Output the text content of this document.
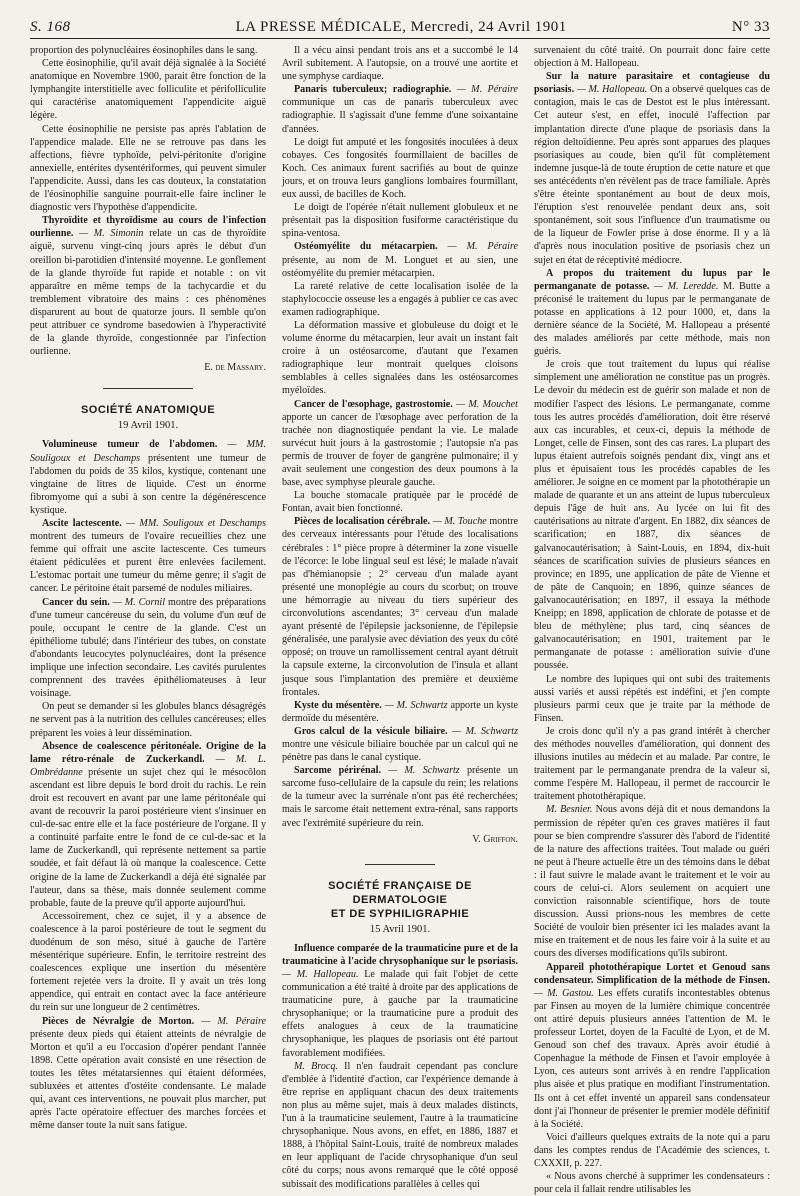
S. 168	LA PRESSE MÉDICALE, Mercredi, 24 Avril 1901	N° 33

proportion des polynucléaires éosinophiles dans le sang.

Cette éosinophilie, qu'il avait déjà signalée à la Société anatomique en Novembre 1900, parait être fonction de la lymphangite interstitielle avec folliculite et périfolliculite qui caractérise anatomiquement l'appendicite aiguë légère.

Cette éosinophilie ne persiste pas après l'ablation de l'appendice malade. Elle ne se retrouve pas dans les affections, fièvre typhoïde, pelvi-péritonite d'origine annexielle, entérites dysentériformes, qui peuvent simuler l'appendicite. Aussi, dans les cas douteux, la constatation de l'éosinophilie sanguine pourrait-elle faire incliner le diagnostic vers l'hypothèse d'appendicite.

Thyroïdite et thyroïdisme au cours de l'infection ourlienne. — M. Simonin relate un cas de thyroïdite aiguë, survenu vingt-cinq jours après le début d'un oreillon bi-parotidien d'intensité moyenne. Le gonflement de la glande thyroïde fut rapide et notable : on vit apparaître en même temps de la tachycardie et du tremblement vibratoire des mains : ces phénomènes disparurent au bout de quatorze jours. Il semble qu'on peut attribuer ce syndrome basedowien à l'hyperactivité de la glande thyroïde, congestionnée par l'infection ourlienne.

E. de Massary.

SOCIÉTÉ ANATOMIQUE
19 Avril 1901.

Volumineuse tumeur de l'abdomen. — MM. Souligoux et Deschamps présentent une tumeur de l'abdomen du poids de 35 kilos, kystique, contenant une vingtaine de litres de liquide. C'est un énorme fibromyome qui a subi à son centre la dégénérescence kystique.

Ascite lactescente. — MM. Souligoux et Deschamps montrent des tumeurs de l'ovaire recueillies chez une femme qui offrait une ascite lactescente. Ces tumeurs étaient pédiculées et purent être enlevées facilement. L'estomac portait une tumeur du même genre; il s'agit de cancer. Le péritoine était parsemé de nodules miliaires.

Cancer du sein. — M. Cornil montre des préparations d'une tumeur cancéreuse du sein, du volume d'un œuf de poule, occupant le centre de la glande. C'est un épithéliome tubulé; dans l'intérieur des tubes, on constate d'abondants leucocytes polynucléaires, dont la présence implique une infection secondaire. Les cavités purulentes comprennent des travées épithéliomateuses à leur voisinage.

On peut se demander si les globules blancs désagrégés ne servent pas à la nutrition des cellules cancéreuses; elles préparent les voies à leur dissémination.

Absence de coalescence péritonéale. Origine de la lame rétro-rénale de Zuckerkandl. — M. L. Ombrédanne présente un sujet chez qui le mésocôlon ascendant est libre depuis le bord droit du rachis. Le rein droit est recouvert en avant par une lame péritonéale qui avant de recouvrir la paroi postérieure vient s'insinuer en cul-de-sac entre elle et la face postérieure de l'organe. Il y a continuité parfaite entre le fond de ce cul-de-sac et la lame de Zuckerkandl, qui représente nettement sa partie soudée, et fait défaut là où manque la coalescence. Cette origine de la lame de Zuckerkandl a déjà été signalée par l'auteur, dans sa thèse, mais donnée seulement comme probable, faute de la preuve qu'il apporte aujourd'hui.

Accessoirement, chez ce sujet, il y a absence de coalescence à la paroi postérieure de tout le segment du duodénum de son méso, situé à gauche de l'artère mésentérique supérieure. Enfin, le territoire restreint des coalescences explique une insertion du mésentère fortement rejetée vers la droite. Il y avait un très long appendice, qui entrait en contact avec la face antérieure du rein sur une longueur de 2 centimètres.

Pièces de Névralgie de Morton. — M. Péraire présente deux pieds qui étaient atteints de névralgie de Morton et qu'il a eu l'occasion d'opérer pendant l'année 1898. Cette opération avait consisté en une résection de toutes les têtes métatarsiennes qui étaient déformées, subluxées et attentes d'ostéite condensante. Le malade qui, avant ces interventions, ne pouvait plus marcher, put après l'acte opératoire effectuer des marches forcées et même danser toute la nuit sans fatigue.

Il a vécu ainsi pendant trois ans et a succombé le 14 Avril subitement. A l'autopsie, on a trouvé une aortite et une symphyse cardiaque.

Panaris tuberculeux; radiographie. — M. Péraire communique un cas de panaris tuberculeux avec radiographie. Il s'agissait d'une femme d'une soixantaine d'années.

Le doigt fut amputé et les fongosités inoculées à deux cobayes. Ces fongosités fourmillaient de bacilles de Koch. Ces animaux furent sacrifiés au bout de quinze jours, et on trouva leurs ganglions lombaires fourmillant, eux aussi, de bacilles de Koch.

Le doigt de l'opérée n'était nullement globuleux et ne présentait pas la disposition fusiforme caractéristique du spina-ventosa.

Ostéomyélite du métacarpien. — M. Péraire présente, au nom de M. Longuet et au sien, une ostéomyélite du premier métacarpien.

La rareté relative de cette localisation isolée de la staphylococcie osseuse les a engagés à publier ce cas avec examen radiographique.

La déformation massive et globuleuse du doigt et le volume énorme du métacarpien, leur avait un instant fait croire à un ostéosarcome, d'autant que l'examen radiographique leur montrait quelques cloisons semblables à celles signalées dans les ostéosarcomes myéloïdes.

Cancer de l'œsophage, gastrostomie. — M. Mouchet apporte un cancer de l'œsophage avec perforation de la trachée non diagnostiquée pendant la vie. Le malade survécut huit jours à la gastrostomie ; l'autopsie n'a pas permis de trouver de foyer de gangrène pulmonaire; il y avait seulement une congestion des deux poumons à la base, avec symphyse pleurale gauche.

La bouche stomacale pratiquée par le procédé de Fontan, avait bien fonctionné.

Pièces de localisation cérébrale. — M. Touche montre des cerveaux intéressants pour l'étude des localisations cérébrales : 1° pièce propre à déterminer la zone visuelle de l'écorce: le lobe lingual seul est lésé; le malade n'avait pas d'hémianopsie ; 2° cerveau d'un malade ayant présenté une monoplégie au cours du scorbut; on trouve une hémorragie au niveau du tiers supérieur des circonvolutions ascendantes; 3° cerveau d'un malade ayant présenté de l'épilepsie jacksonienne, de l'épilepsie généralisée, une paralysie avec déviation des yeux du côté opposé; on trouve un ramollissement central ayant détruit la capsule externe, la circonvolution de l'insula et allant jusque sous l'implantation des première et deuxième frontales.

Kyste du mésentère. — M. Schwartz apporte un kyste dermoïde du mésentère.

Gros calcul de la vésicule biliaire. — M. Schwartz montre une vésicule biliaire bouchée par un calcul qui ne pénètre pas dans le canal cystique.

Sarcome périrénal. — M. Schwartz présente un sarcome fuso-cellulaire de la capsule du rein; les relations de la tumeur avec la surrénale n'ont pas été recherchées; mais le sarcome était nettement extra-rénal, sans rapports avec l'extrémité supérieure du rein.

V. Griffon.

SOCIÉTÉ FRANÇAISE DE DERMATOLOGIE
ET DE SYPHILIGRAPHIE
15 Avril 1901.

Influence comparée de la traumaticine pure et de la traumaticine à l'acide chrysophanique sur le psoriasis. — M. Hallopeau. Le malade qui fait l'objet de cette communication a été traité à droite par des applications de traumaticine pure, à gauche par la traumaticine chrysophanique; or la traumaticine pure a produit des effets analogues à ceux de la traumaticine chrysophanique, les plaques de psoriasis ont été partout favorablement modifiées.

M. Brocq. Il n'en faudrait cependant pas conclure d'emblée à l'identité d'action, car l'expérience demande à être reprise en appliquant chacun des deux traitements non plus au même sujet, mais à deux malades distincts, l'un à la traumaticine seulement, l'autre à la traumaticine chrysophanique. Nous avons, en effet, en 1886, 1887 et 1888, à l'hôpital Saint-Louis, traité de nombreux malades en leur appliquant de l'acide chrysophanique d'un seul côté du corps; nous avons remarqué que le côté opposé subissait des modifications parallèles à celles qui

survenaient du côté traité. On pourrait donc faire cette objection à M. Hallopeau.

Sur la nature parasitaire et contagieuse du psoriasis. — M. Hallopeau. On a observé quelques cas de contagion, mais le cas de Destot est le plus intéressant. Cet auteur s'est, en effet, inoculé l'affection par implantation directe d'une plaque de psoriasis dans la région deltoïdienne. Peu après sont apparues des plaques psoriasiques au coude, bien qu'il fût complètement indemne jusque-là de toute éruption de cette nature et que ses antécédents n'en révèlent pas de trace familiale. Après s'être éteinte spontanément au bout de deux mois, l'éruption s'est renouvelée pendant deux ans, soit spontanément, soit sous l'influence d'un traumatisme ou de la liqueur de Fowler prise à dose énorme. Il y a là d'après nous inoculation positive de psoriasis chez un sujet en état de réceptivité médiocre.

A propos du traitement du lupus par le permanganate de potasse. — M. Leredde. M. Butte a préconisé le traitement du lupus par le permanganate de potasse en applications à 12 pour 1000, et, dans la dernière séance de la Société, M. Hallopeau a présenté des malades améliorés par cette méthode, mais non guéris.

Je crois que tout traitement du lupus qui réalise simplement une amélioration ne constitue pas un progrès. Le devoir du médecin est de guérir son malade et non de modifier l'aspect des lésions. Le permanganate, comme tous les autres procédés d'amélioration, doit être réservé aux cas incurables, et ceux-ci, depuis la méthode de Longet, celle de Finsen, sont des cas rares. La plupart des lupus étaient autrefois soignés pendant dix, vingt ans et plus et épuisaient tous les procédés capables de les améliorer. Je soigne en ce moment par la photothérapie un malade de quarante et un ans atteint de lupus tuberculeux depuis l'âge de huit ans. Au lycée on lui fit des cautérisations au nitrate d'argent. En 1882, dix séances de scarification; en 1887, dix séances de galvanocautérisation; à Saint-Louis, en 1894, dix-huit séances de scarification suivies de plusieurs séances en province; en 1895, une application de pâte de Vienne et de pâte de Canquoin; en 1896, quinze séances de galvanocautérisation; en 1897, il essaya la méthode Kneipp; en 1898, application de chlorate de potasse et de bleu de méthylène; plus tard, cinq séances de galvanocautérisation; en 1901, traitement par le permanganate de potasse : amélioration suivie d'une poussée.

Le nombre des lupiques qui ont subi des traitements aussi variés et aussi répétés est indéfini, et j'en compte plusieurs parmi ceux que je traite par la méthode de Finsen.

Je crois donc qu'il n'y a pas grand intérêt à chercher des méthodes nouvelles d'amélioration, qui donnent des illusions inutiles au médecin et au malade. Par contre, le traitement par le permanganate prendra de la valeur si, comme l'espère M. Hallopeau, il permet de raccourcir le traitement photothérapique.

M. Besnier. Nous avons déjà dit et nous demandons la permission de répéter qu'en ces graves matières il faut pour se bien comprendre s'assurer dès l'abord de l'identité de la nature des affections traitées. Tout malade ou guéri ne peut à l'heure actuelle être un des témoins dans le débat : il faut suivre le malade avant le traitement et le voir au cours de celui-ci. Alors seulement on acquiert une conviction raisonnable scientifique, hors de toute discussion. Aussi prions-nous les membres de cette Société de vouloir bien présenter ici les malades avant la mise en traitement et de nous les faire voir à la suite et au cours des diverses modifications qu'ils subiront.

Appareil photothérapique Lortet et Genoud sans condensateur. Simplification de la méthode de Finsen. — M. Gastou. Les effets curatifs incontestables obtenus par Finsen au moyen de la lumière chimique concentrée ont attiré depuis plusieurs années l'attention de M. le professeur Lortet, doyen de la Faculté de Lyon, et de M. Genoud son chef des travaux. Après avoir étudié à Copenhague la méthode de Finsen et l'avoir employée à Lyon, ces auteurs sont arrivés à en rendre l'application plus aisée et plus pratique en modifiant l'instrumentation. Ils ont à cet effet inventé un appareil sans condensateur dont j'ai l'honneur de présenter le premier modèle définitif à la Société.

Voici d'ailleurs quelques extraits de la note qui a paru dans les comptes rendus de l'Académie des sciences, t. CXXXII, p. 227.

« Nous avons cherché à supprimer les condensateurs : pour cela il fallait rendre utilisables les
